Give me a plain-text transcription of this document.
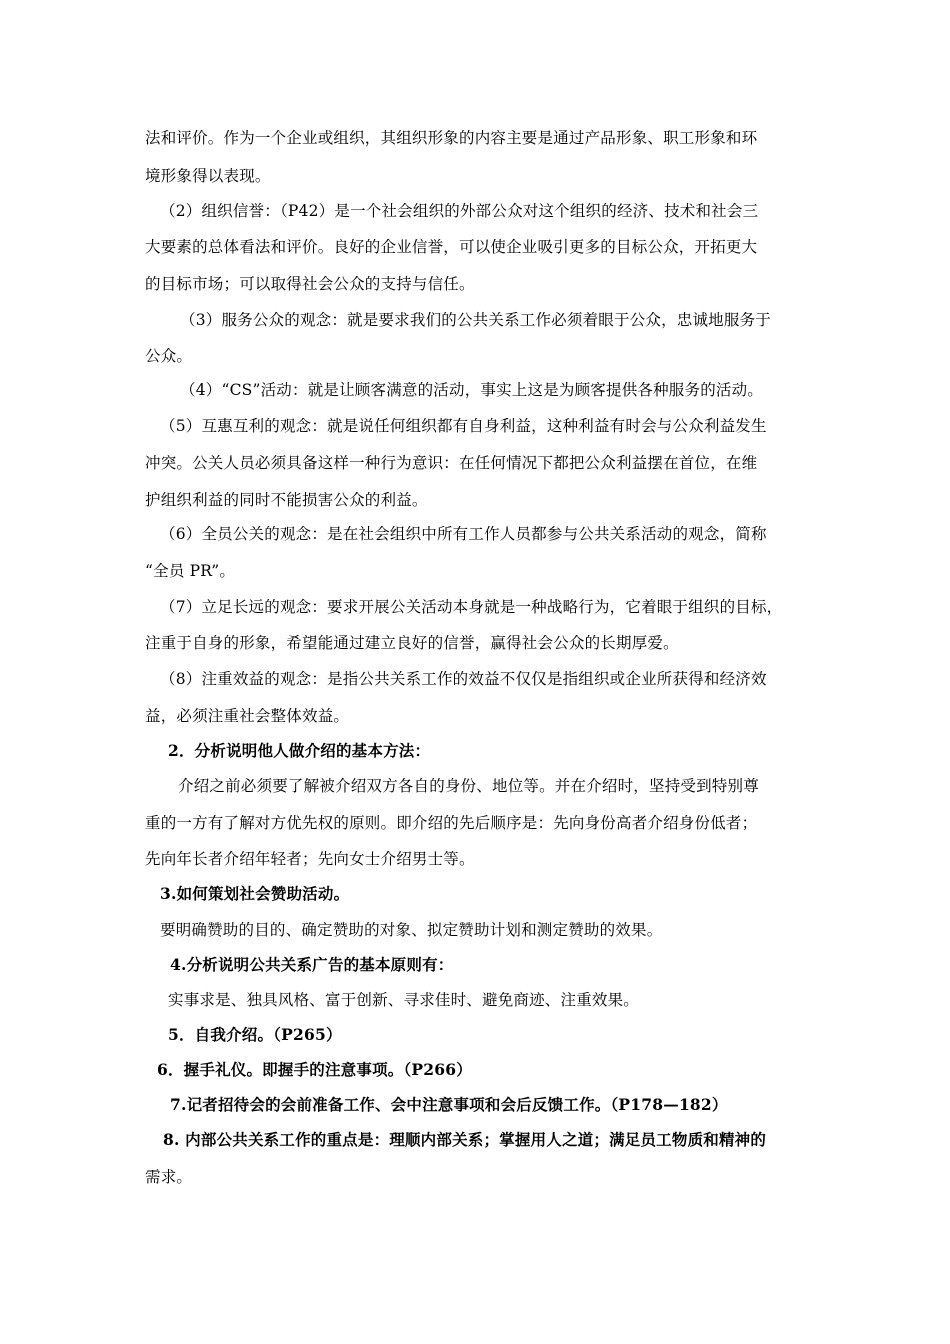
法和评价。作为一个企业或组织，其组织形象的内容主要是通过产品形象、职工形象和环
境形象得以表现。
（2）组织信誉：（P42）是一个社会组织的外部公众对这个组织的经济、技术和社会三
大要素的总体看法和评价。良好的企业信誉，可以使企业吸引更多的目标公众，开拓更大
的目标市场；可以取得社会公众的支持与信任。
（3）服务公众的观念：就是要求我们的公共关系工作必须着眼于公众，忠诚地服务于
公众。
（4）“CS”活动：就是让顾客满意的活动，事实上这是为顾客提供各种服务的活动。
（5）互惠互利的观念：就是说任何组织都有自身利益，这种利益有时会与公众利益发生
冲突。公关人员必须具备这样一种行为意识：在任何情况下都把公众利益摆在首位，在维
护组织利益的同时不能损害公众的利益。
（6）全员公关的观念：是在社会组织中所有工作人员都参与公共关系活动的观念，简称
“全员 PR”。
（7）立足长远的观念：要求开展公关活动本身就是一种战略行为，它着眼于组织的目标，
注重于自身的形象，希望能通过建立良好的信誉，赢得社会公众的长期厚爱。
（8）注重效益的观念：是指公共关系工作的效益不仅仅是指组织或企业所获得和经济效
益，必须注重社会整体效益。
2．分析说明他人做介绍的基本方法：
介绍之前必须要了解被介绍双方各自的身份、地位等。并在介绍时，坚持受到特别尊
重的一方有了解对方优先权的原则。即介绍的先后顺序是：先向身份高者介绍身份低者；
先向年长者介绍年轻者；先向女士介绍男士等。
3.如何策划社会赞助活动。
要明确赞助的目的、确定赞助的对象、拟定赞助计划和测定赞助的效果。
4.分析说明公共关系广告的基本原则有：
实事求是、独具风格、富于创新、寻求佳时、避免商迹、注重效果。
5．自我介绍。（P265）
6．握手礼仪。即握手的注意事项。（P266）
7.记者招待会的会前准备工作、会中注意事项和会后反馈工作。（P178—182）
8. 内部公共关系工作的重点是：理顺内部关系；掌握用人之道；满足员工物质和精神的
需求。
